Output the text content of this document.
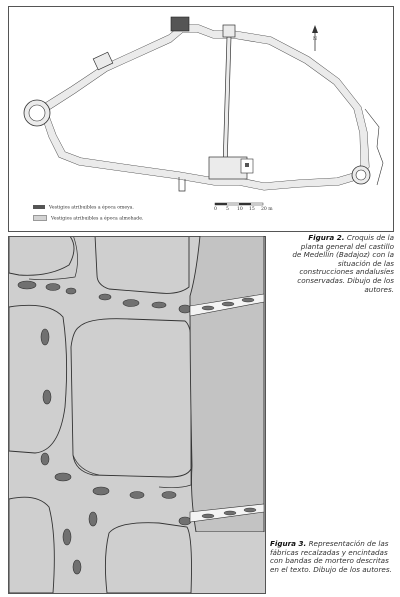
N
0 5 10 15 20 m
Vestigios atribuibles a época omeya.
Vestigios atribuibles a época almohade.
Figura 2. Croquis de la planta general del castillo de Medellín (Badajoz) con la situación de las construcciones andalusíes conservadas. Dibujo de los autores.
Figura 3. Representación de las fábricas recalzadas y encintadas con bandas de mortero descritas en el texto. Dibujo de los autores.
